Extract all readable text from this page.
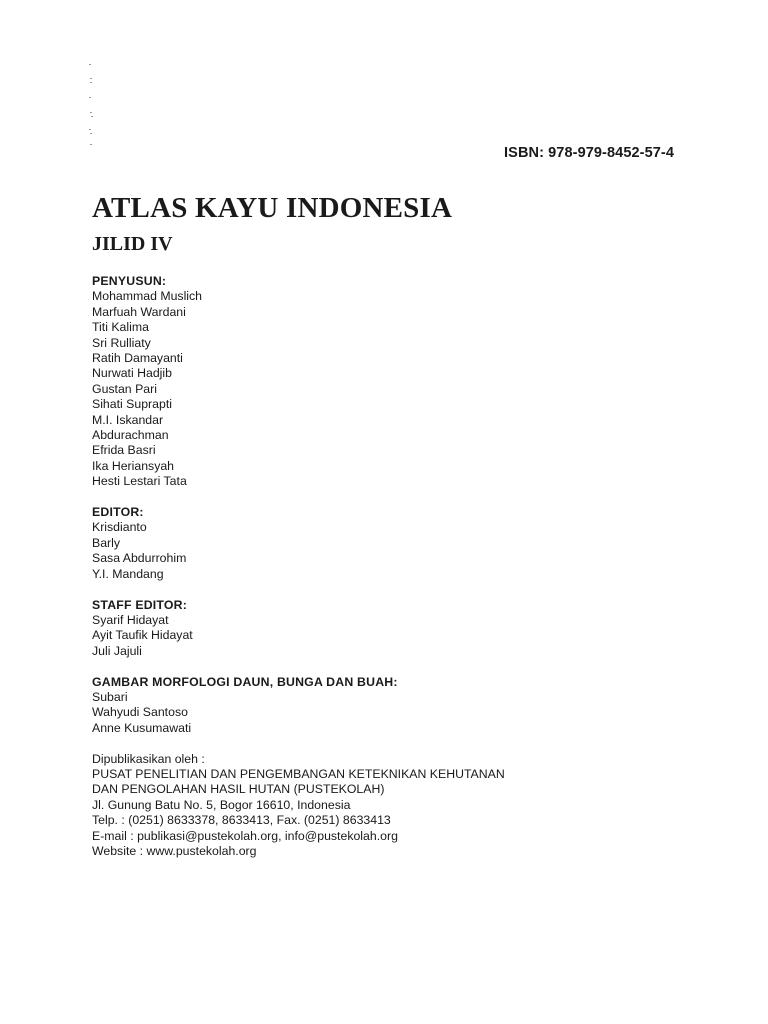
ISBN: 978-979-8452-57-4
ATLAS KAYU INDONESIA
JILID IV
PENYUSUN:
Mohammad Muslich
Marfuah Wardani
Titi Kalima
Sri Rulliaty
Ratih Damayanti
Nurwati Hadjib
Gustan Pari
Sihati Suprapti
M.I. Iskandar
Abdurachman
Efrida Basri
Ika Heriansyah
Hesti Lestari Tata
EDITOR:
Krisdianto
Barly
Sasa Abdurrohim
Y.I. Mandang
STAFF EDITOR:
Syarif Hidayat
Ayit Taufik Hidayat
Juli Jajuli
GAMBAR MORFOLOGI DAUN, BUNGA DAN BUAH:
Subari
Wahyudi Santoso
Anne Kusumawati
Dipublikasikan oleh :
PUSAT PENELITIAN DAN PENGEMBANGAN KETEKNIKAN KEHUTANAN
DAN PENGOLAHAN HASIL HUTAN (PUSTEKOLAH)
Jl. Gunung Batu No. 5, Bogor 16610, Indonesia
Telp. : (0251) 8633378, 8633413, Fax. (0251) 8633413
E-mail : publikasi@pustekolah.org, info@pustekolah.org
Website : www.pustekolah.org
